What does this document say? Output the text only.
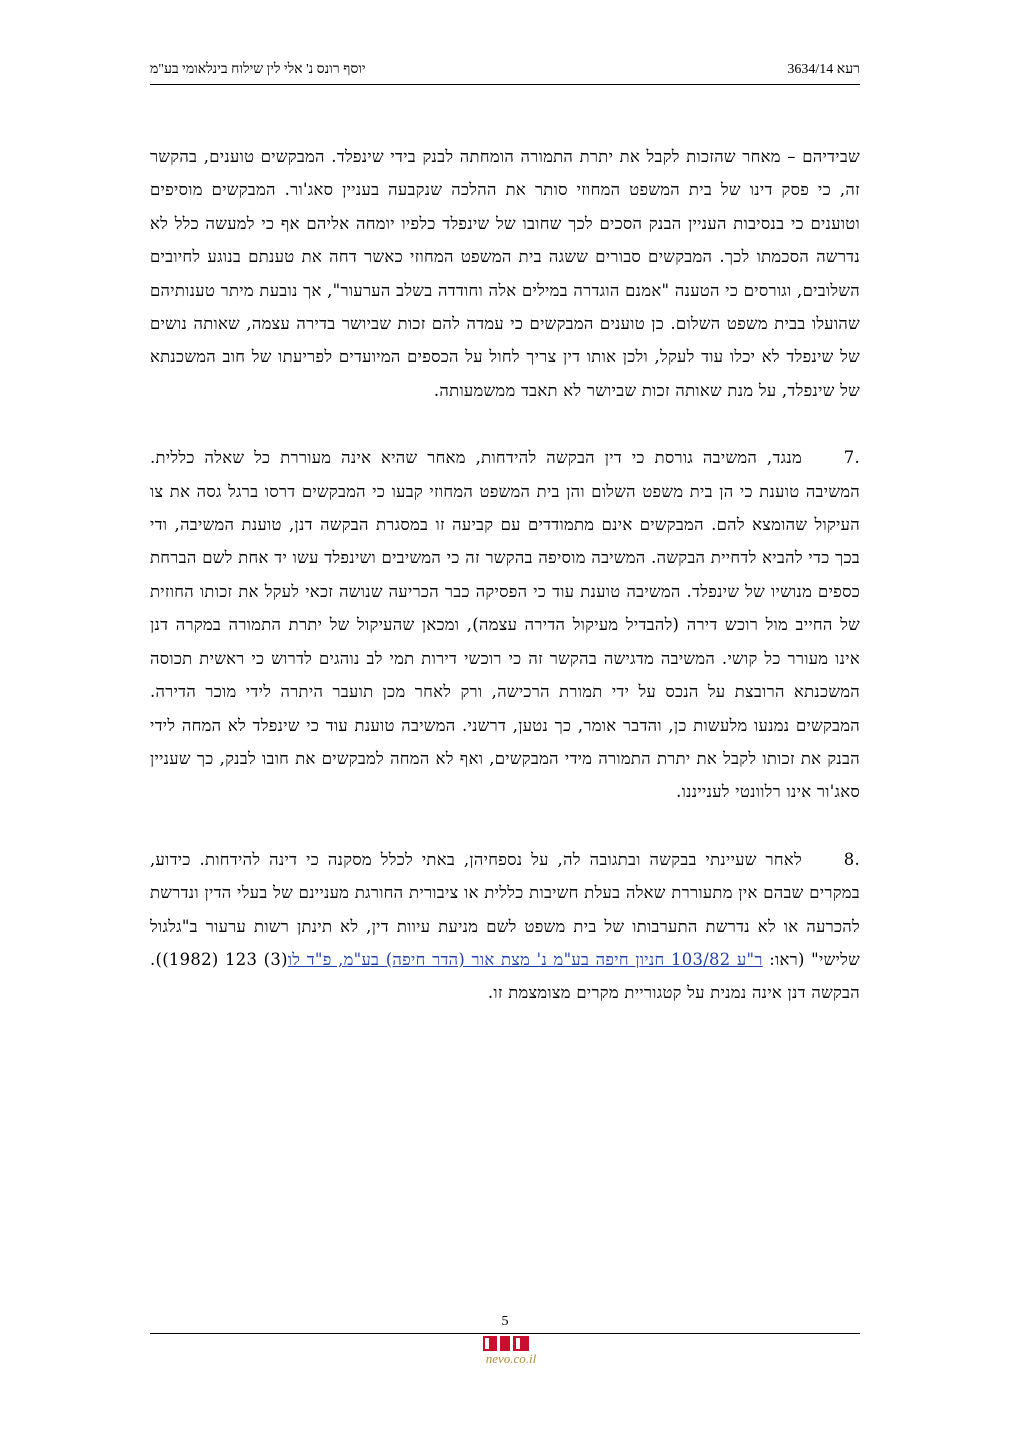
רעא 3634/14
יוסף רונס נ' אלי לין שילוח בינלאומי בע"מ

שבידיהם – מאחר שהזכות לקבל את יתרת התמורה הומחתה לבנק בידי שינפלד. המבקשים טוענים, בהקשר זה, כי פסק דינו של בית המשפט המחוזי סותר את ההלכה שנקבעה בעניין סאג'ור. המבקשים מוסיפים וטוענים כי בנסיבות העניין הבנק הסכים לכך שחובו של שינפלד כלפיו יומחה אליהם אף כי למעשה כלל לא נדרשה הסכמתו לכך. המבקשים סבורים ששגה בית המשפט המחוזי כאשר דחה את טענתם בנוגע לחיובים השלובים, וגורסים כי הטענה "אמנם הוגדרה במילים אלה וחודדה בשלב הערעור", אך נובעת מיתר טענותיהם שהועלו בבית משפט השלום. כן טוענים המבקשים כי עמדה להם זכות שביושר בדירה עצמה, שאותה נושים של שינפלד לא יכלו עוד לעקל, ולכן אותו דין צריך לחול על הכספים המיועדים לפריעתו של חוב המשכנתא של שינפלד, על מנת שאותה זכות שביושר לא תאבד ממשמעותה.

7.מנגד, המשיבה גורסת כי דין הבקשה להידחות, מאחר שהיא אינה מעוררת כל שאלה כללית. המשיבה טוענת כי הן בית משפט השלום והן בית המשפט המחוזי קבעו כי המבקשים דרסו ברגל גסה את צו העיקול שהומצא להם. המבקשים אינם מתמודדים עם קביעה זו במסגרת הבקשה דנן, טוענת המשיבה, ודי בכך כדי להביא לדחיית הבקשה. המשיבה מוסיפה בהקשר זה כי המשיבים ושינפלד עשו יד אחת לשם הברחת כספים מנושיו של שינפלד. המשיבה טוענת עוד כי הפסיקה כבר הכריעה שנושה זכאי לעקל את זכותו החוזית של החייב מול רוכש דירה (להבדיל מעיקול הדירה עצמה), ומכאן שהעיקול של יתרת התמורה במקרה דנן אינו מעורר כל קושי. המשיבה מדגישה בהקשר זה כי רוכשי דירות תמי לב נוהגים לדרוש כי ראשית תכוסה המשכנתא הרובצת על הנכס על ידי תמורת הרכישה, ורק לאחר מכן תועבר היתרה לידי מוכר הדירה. המבקשים נמנעו מלעשות כן, והדבר אומר, כך נטען, דרשני. המשיבה טוענת עוד כי שינפלד לא המחה לידי הבנק את זכותו לקבל את יתרת התמורה מידי המבקשים, ואף לא המחה למבקשים את חובו לבנק, כך שעניין סאג'ור אינו רלוונטי לענייננו.

8.לאחר שעיינתי בבקשה ובתגובה לה, על נספחיהן, באתי לכלל מסקנה כי דינה להידחות. כידוע, במקרים שבהם אין מתעוררת שאלה בעלת חשיבות כללית או ציבורית החורגת מעניינם של בעלי הדין ונדרשת להכרעה או לא נדרשת התערבותו של בית משפט לשם מניעת עיוות דין, לא תינתן רשות ערעור ב"גלגול שלישי" (ראו: ר"ע 103/82 חניון חיפה בע"מ נ' מצת אור (הדר חיפה) בע"מ, פ"ד לו(3) 123 (1982)). הבקשה דנן אינה נמנית על קטגוריית מקרים מצומצמת זו.

5
nevo.co.il
